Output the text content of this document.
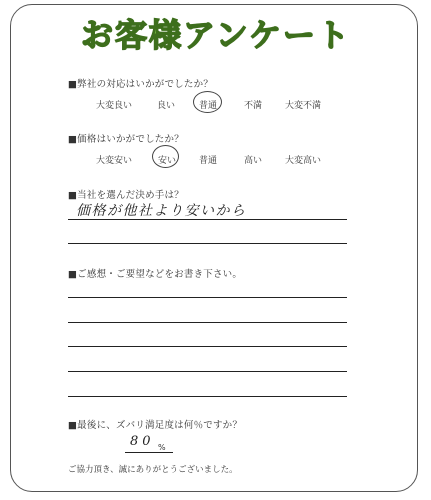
お客様アンケート
■弊社の対応はいかがでしたか？
大変良い	良い	普通	不満	大変不満
■価格はいかがでしたか？
大変安い	安い	普通	高い	大変高い
■当社を選んだ決め手は？
価格が他社より安いから
■ご感想・ご要望などをお書き下さい。
■最後に、ズバリ満足度は何％ですか？
80 %
ご協力頂き、誠にありがとうございました。
